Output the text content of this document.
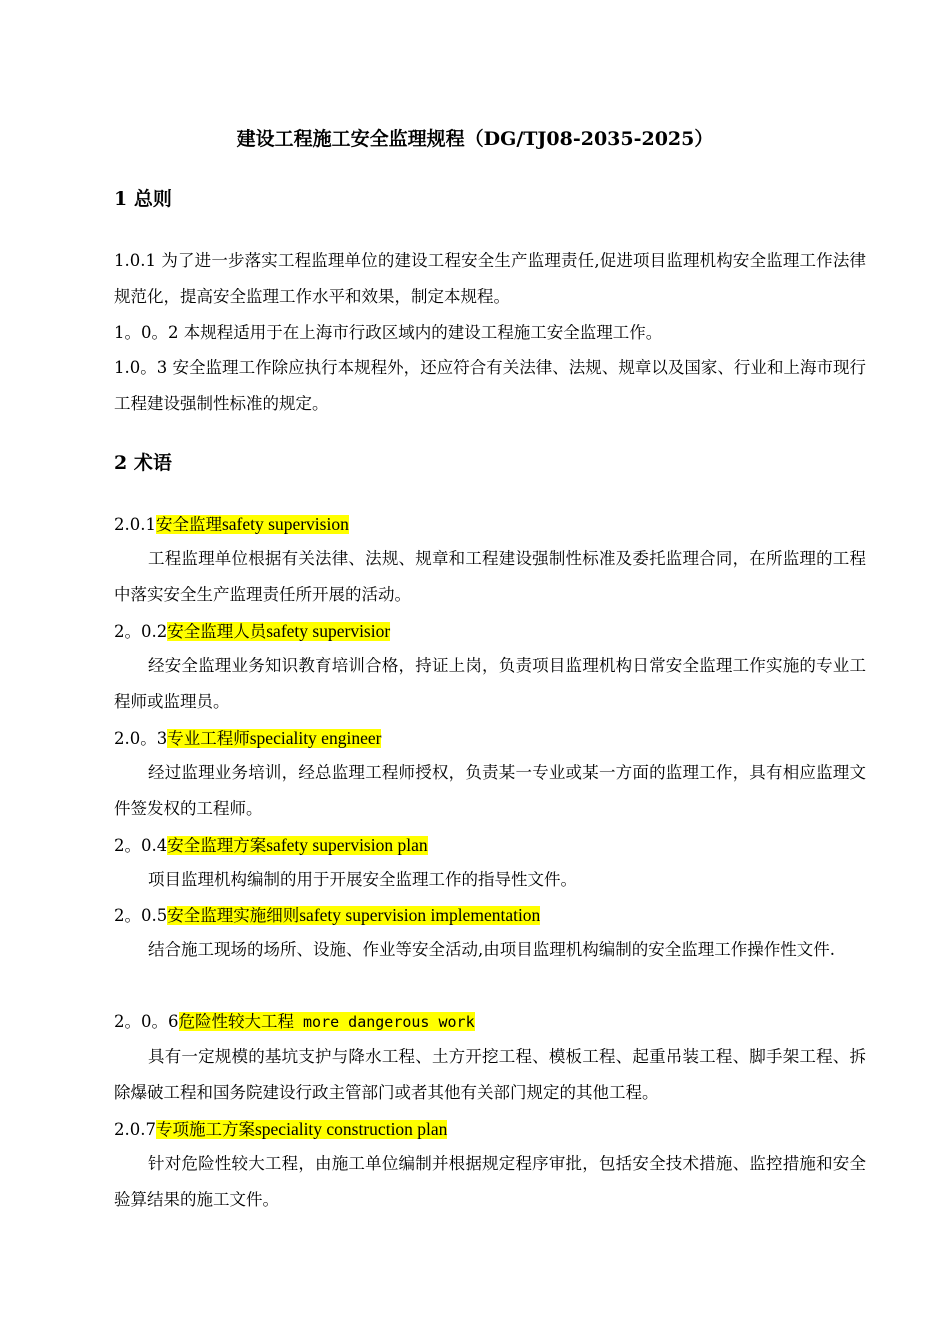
建设工程施工安全监理规程（DG/TJ08-2035-2025）
1 总则
1.0.1 为了进一步落实工程监理单位的建设工程安全生产监理责任,促进项目监理机构安全监理工作法律规范化，提高安全监理工作水平和效果，制定本规程。
1。0。2 本规程适用于在上海市行政区域内的建设工程施工安全监理工作。
1.0。3 安全监理工作除应执行本规程外，还应符合有关法律、法规、规章以及国家、行业和上海市现行工程建设强制性标准的规定。
2 术语
2.0.1安全监理safety supervision
工程监理单位根据有关法律、法规、规章和工程建设强制性标准及委托监理合同，在所监理的工程中落实安全生产监理责任所开展的活动。
2。0.2安全监理人员safety supervisior
经安全监理业务知识教育培训合格，持证上岗，负责项目监理机构日常安全监理工作实施的专业工程师或监理员。
2.0。3专业工程师speciality engineer
经过监理业务培训，经总监理工程师授权，负责某一专业或某一方面的监理工作，具有相应监理文件签发权的工程师。
2。0.4安全监理方案safety supervision plan
项目监理机构编制的用于开展安全监理工作的指导性文件。
2。0.5安全监理实施细则safety supervision implementation
结合施工现场的场所、设施、作业等安全活动,由项目监理机构编制的安全监理工作操作性文件.
2。0。6危险性较大工程 more dangerous work
具有一定规模的基坑支护与降水工程、土方开挖工程、模板工程、起重吊装工程、脚手架工程、拆除爆破工程和国务院建设行政主管部门或者其他有关部门规定的其他工程。
2.0.7专项施工方案speciality construction plan
针对危险性较大工程，由施工单位编制并根据规定程序审批，包括安全技术措施、监控措施和安全验算结果的施工文件。
